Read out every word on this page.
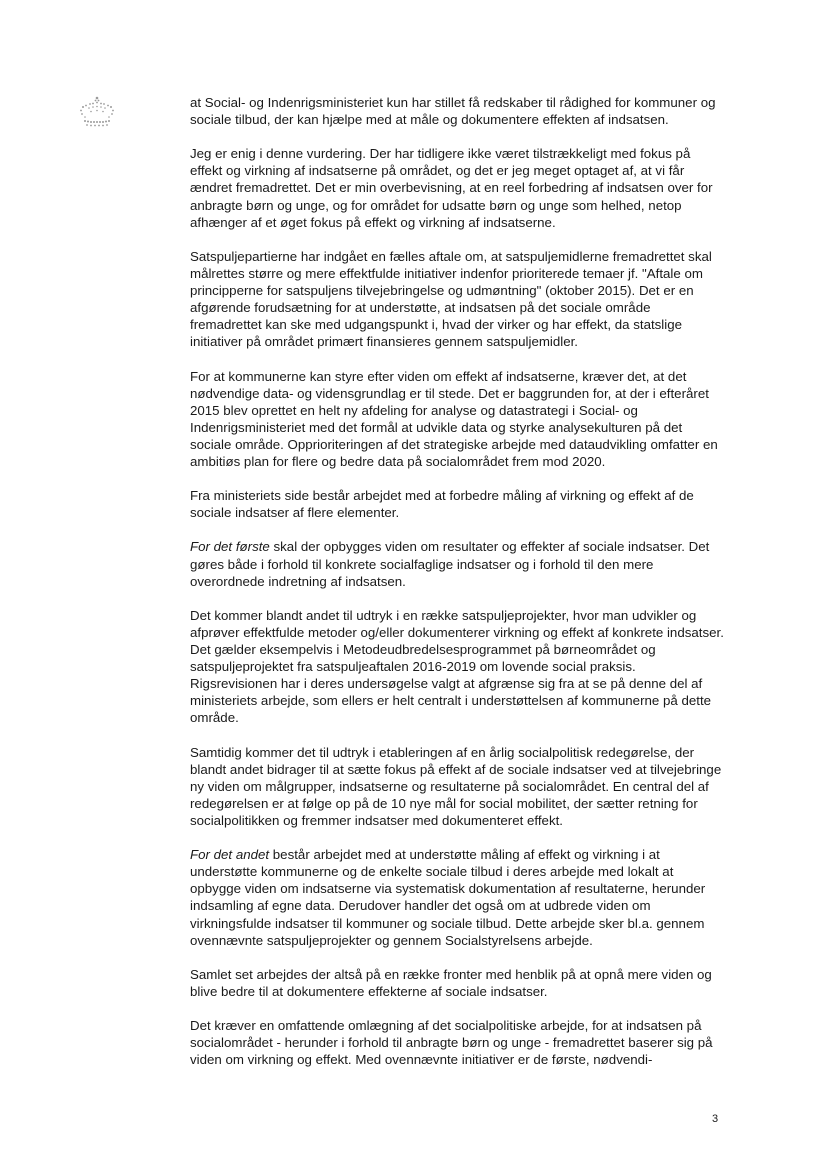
at Social- og Indenrigsministeriet kun har stillet få redskaber til rådighed for kommuner og sociale tilbud, der kan hjælpe med at måle og dokumentere effekten af indsatsen.

Jeg er enig i denne vurdering. Der har tidligere ikke været tilstrækkeligt med fokus på effekt og virkning af indsatserne på området, og det er jeg meget optaget af, at vi får ændret fremadrettet. Det er min overbevisning, at en reel forbedring af indsatsen over for anbragte børn og unge, og for området for udsatte børn og unge som helhed, netop afhænger af et øget fokus på effekt og virkning af indsatserne.

Satspuljepartierne har indgået en fælles aftale om, at satspuljemidlerne fremadrettet skal målrettes større og mere effektfulde initiativer indenfor prioriterede temaer jf. "Aftale om principperne for satspuljens tilvejebringelse og udmøntning" (oktober 2015). Det er en afgørende forudsætning for at understøtte, at indsatsen på det sociale område fremadrettet kan ske med udgangspunkt i, hvad der virker og har effekt, da statslige initiativer på området primært finansieres gennem satspuljemidler.

For at kommunerne kan styre efter viden om effekt af indsatserne, kræver det, at det nødvendige data- og vidensgrundlag er til stede. Det er baggrunden for, at der i efteråret 2015 blev oprettet en helt ny afdeling for analyse og datastrategi i Social- og Indenrigsministeriet med det formål at udvikle data og styrke analysekulturen på det sociale område. Opprioriteringen af det strategiske arbejde med dataudvikling omfatter en ambitiøs plan for flere og bedre data på socialområdet frem mod 2020.

Fra ministeriets side består arbejdet med at forbedre måling af virkning og effekt af de sociale indsatser af flere elementer.

For det første skal der opbygges viden om resultater og effekter af sociale indsatser. Det gøres både i forhold til konkrete socialfaglige indsatser og i forhold til den mere overordnede indretning af indsatsen.

Det kommer blandt andet til udtryk i en række satspuljeprojekter, hvor man udvikler og afprøver effektfulde metoder og/eller dokumenterer virkning og effekt af konkrete indsatser. Det gælder eksempelvis i Metodeudbredelsesprogrammet på børneområdet og satspuljeprojektet fra satspuljeaftalen 2016-2019 om lovende social praksis. Rigsrevisionen har i deres undersøgelse valgt at afgrænse sig fra at se på denne del af ministeriets arbejde, som ellers er helt centralt i understøttelsen af kommunerne på dette område.

Samtidig kommer det til udtryk i etableringen af en årlig socialpolitisk redegørelse, der blandt andet bidrager til at sætte fokus på effekt af de sociale indsatser ved at tilvejebringe ny viden om målgrupper, indsatserne og resultaterne på socialområdet. En central del af redegørelsen er at følge op på de 10 nye mål for social mobilitet, der sætter retning for socialpolitikken og fremmer indsatser med dokumenteret effekt.

For det andet består arbejdet med at understøtte måling af effekt og virkning i at understøtte kommunerne og de enkelte sociale tilbud i deres arbejde med lokalt at opbygge viden om indsatserne via systematisk dokumentation af resultaterne, herunder indsamling af egne data. Derudover handler det også om at udbrede viden om virkningsfulde indsatser til kommuner og sociale tilbud. Dette arbejde sker bl.a. gennem ovennævnte satspuljeprojekter og gennem Socialstyrelsens arbejde.

Samlet set arbejdes der altså på en række fronter med henblik på at opnå mere viden og blive bedre til at dokumentere effekterne af sociale indsatser.

Det kræver en omfattende omlægning af det socialpolitiske arbejde, for at indsatsen på socialområdet - herunder i forhold til anbragte børn og unge - fremadrettet baserer sig på viden om virkning og effekt. Med ovennævnte initiativer er de første, nødvendi-

3
